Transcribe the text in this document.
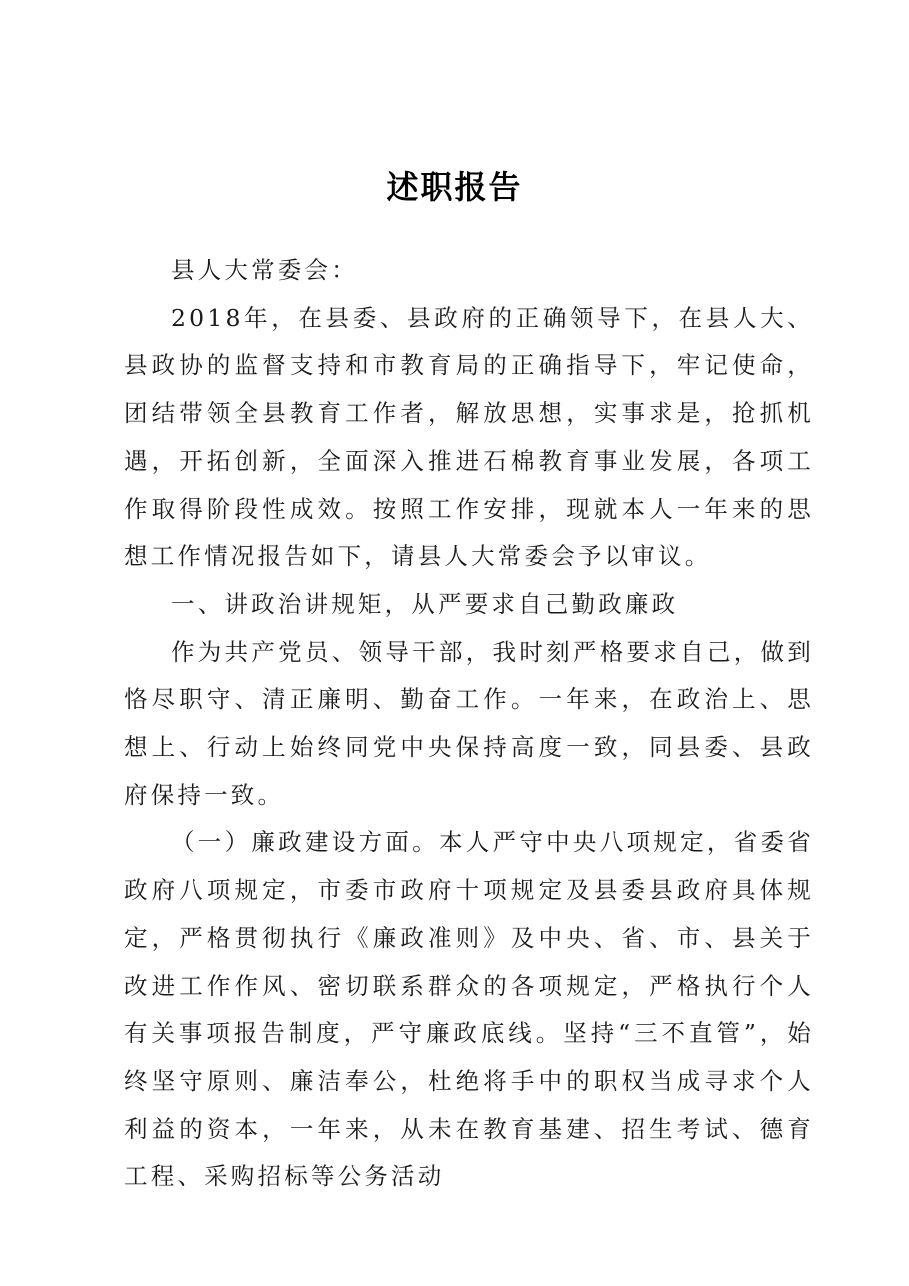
述职报告

县人大常委会：

2018年，在县委、县政府的正确领导下，在县人大、县政协的监督支持和市教育局的正确指导下，牢记使命，团结带领全县教育工作者，解放思想，实事求是，抢抓机遇，开拓创新，全面深入推进石棉教育事业发展，各项工作取得阶段性成效。按照工作安排，现就本人一年来的思想工作情况报告如下，请县人大常委会予以审议。

一、讲政治讲规矩，从严要求自己勤政廉政

作为共产党员、领导干部，我时刻严格要求自己，做到恪尽职守、清正廉明、勤奋工作。一年来，在政治上、思想上、行动上始终同党中央保持高度一致，同县委、县政府保持一致。

（一）廉政建设方面。本人严守中央八项规定，省委省政府八项规定，市委市政府十项规定及县委县政府具体规定，严格贯彻执行《廉政准则》及中央、省、市、县关于改进工作作风、密切联系群众的各项规定，严格执行个人有关事项报告制度，严守廉政底线。坚持“三不直管”，始终坚守原则、廉洁奉公，杜绝将手中的职权当成寻求个人利益的资本，一年来，从未在教育基建、招生考试、德育工程、采购招标等公务活动
